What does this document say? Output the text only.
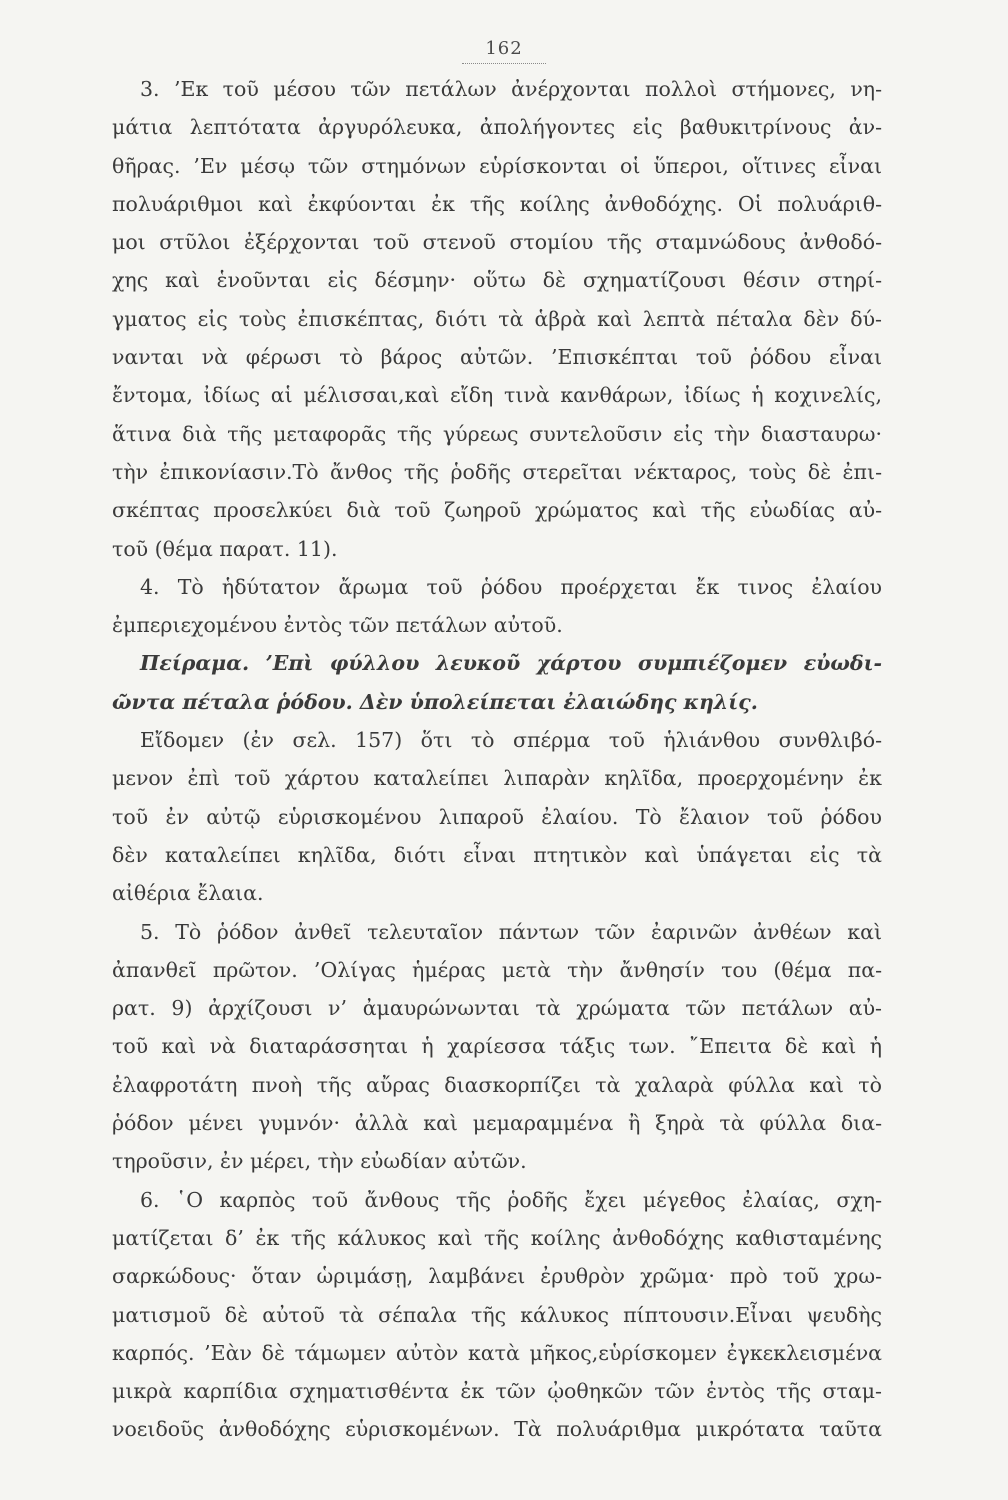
162
3. ’Εκ τοῦ μέσου τῶν πετάλων ἀνέρχονται πολλοὶ στήμονες, νη-
μάτια λεπτότατα ἀργυρόλευκα, ἀπολήγοντες εἰς βαθυκιτρίνους ἀν-
θῆρας. ’Εν μέσῳ τῶν στημόνων εὑρίσκονται οἱ ὕπεροι, οἵτινες εἶναι
πολυάριθμοι καὶ ἐκφύονται ἐκ τῆς κοίλης ἀνθοδόχης. Οἱ πολυάριθ-
μοι στῦλοι ἐξέρχονται τοῦ στενοῦ στομίου τῆς σταμνώδους ἀνθοδό-
χης καὶ ἑνοῦνται εἰς δέσμην· οὕτω δὲ σχηματίζουσι θέσιν στηρί-
γματος εἰς τοὺς ἐπισκέπτας, διότι τὰ ἁβρὰ καὶ λεπτὰ πέταλα δὲν δύ-
νανται νὰ φέρωσι τὸ βάρος αὐτῶν. ’Επισκέπται τοῦ ῥόδου εἶναι
ἔντομα, ἰδίως αἱ μέλισσαι,καὶ εἴδη τινὰ κανθάρων, ἰδίως ἡ κοχινελίς,
ἅτινα διὰ τῆς μεταφορᾶς τῆς γύρεως συντελοῦσιν εἰς τὴν διασταυρω·
τὴν ἐπικονίασιν.Τὸ ἄνθος τῆς ῥοδῆς στερεῖται νέκταρος, τοὺς δὲ ἐπι-
σκέπτας προσελκύει διὰ τοῦ ζωηροῦ χρώματος καὶ τῆς εὐωδίας αὐ-
τοῦ (θέμα παρατ. 11).
4. Τὸ ἡδύτατον ἄρωμα τοῦ ῥόδου προέρχεται ἔκ τινος ἐλαίου
ἐμπεριεχομένου ἐντὸς τῶν πετάλων αὐτοῦ.
Πείραμα. ’Επὶ φύλλου λευκοῦ χάρτου συμπιέζομεν εὐωδι-
ῶντα πέταλα ῥόδου. Δὲν ὑπολείπεται ἐλαιώδης κηλίς.
Εἴδομεν (ἐν σελ. 157) ὅτι τὸ σπέρμα τοῦ ἡλιάνθου συνθλιβό-
μενον ἐπὶ τοῦ χάρτου καταλείπει λιπαρὰν κηλῖδα, προερχομένην ἐκ
τοῦ ἐν αὐτῷ εὑρισκομένου λιπαροῦ ἐλαίου. Τὸ ἔλαιον τοῦ ῥόδου
δὲν καταλείπει κηλῖδα, διότι εἶναι πτητικὸν καὶ ὑπάγεται εἰς τὰ
αἰθέρια ἔλαια.
5. Τὸ ῥόδον ἀνθεῖ τελευταῖον πάντων τῶν ἐαρινῶν ἀνθέων καὶ
ἀπανθεῖ πρῶτον. ’Ολίγας ἡμέρας μετὰ τὴν ἄνθησίν του (θέμα πα-
ρατ. 9) ἀρχίζουσι ν’ ἀμαυρώνωνται τὰ χρώματα τῶν πετάλων αὐ-
τοῦ καὶ νὰ διαταράσσηται ἡ χαρίεσσα τάξις των. ῎Επειτα δὲ καὶ ἡ
ἐλαφροτάτη πνοὴ τῆς αὔρας διασκορπίζει τὰ χαλαρὰ φύλλα καὶ τὸ
ῥόδον μένει γυμνόν· ἀλλὰ καὶ μεμαραμμένα ἢ ξηρὰ τὰ φύλλα δια-
τηροῦσιν, ἐν μέρει, τὴν εὐωδίαν αὐτῶν.
6. ῾Ο καρπὸς τοῦ ἄνθους τῆς ῥοδῆς ἔχει μέγεθος ἐλαίας, σχη-
ματίζεται δ’ ἐκ τῆς κάλυκος καὶ τῆς κοίλης ἀνθοδόχης καθισταμένης
σαρκώδους· ὅταν ὡριμάσῃ, λαμβάνει ἐρυθρὸν χρῶμα· πρὸ τοῦ χρω-
ματισμοῦ δὲ αὐτοῦ τὰ σέπαλα τῆς κάλυκος πίπτουσιν.Εἶναι ψευδὴς
καρπός. ’Εὰν δὲ τάμωμεν αὐτὸν κατὰ μῆκος,εὑρίσκομεν ἐγκεκλεισμένα
μικρὰ καρπίδια σχηματισθέντα ἐκ τῶν ᾠοθηκῶν τῶν ἐντὸς τῆς σταμ-
νοειδοῦς ἀνθοδόχης εὑρισκομένων. Τὰ πολυάριθμα μικρότατα ταῦτα
